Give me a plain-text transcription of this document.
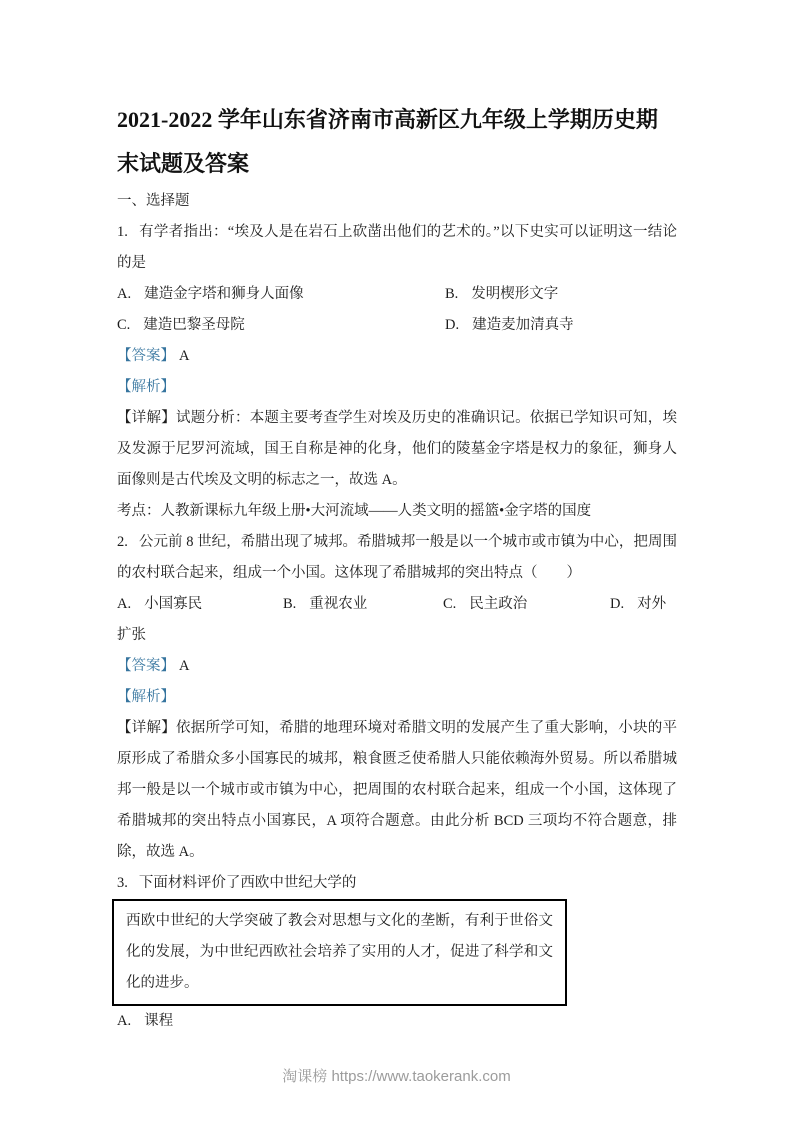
2021-2022 学年山东省济南市高新区九年级上学期历史期末试题及答案

一、选择题

1. 有学者指出：“埃及人是在岩石上砍凿出他们的艺术的。”以下史实可以证明这一结论的是

A. 建造金字塔和狮身人面像	B. 发明楔形文字

C. 建造巴黎圣母院	D. 建造麦加清真寺

【答案】 A

【解析】

【详解】试题分析：本题主要考查学生对埃及历史的准确识记。依据已学知识可知，埃及发源于尼罗河流域，国王自称是神的化身，他们的陵墓金字塔是权力的象征，狮身人面像则是古代埃及文明的标志之一，故选 A。

考点：人教新课标九年级上册•大河流域——人类文明的摇篮•金字塔的国度

2. 公元前 8 世纪，希腊出现了城邦。希腊城邦一般是以一个城市或市镇为中心，把周围的农村联合起来，组成一个小国。这体现了希腊城邦的突出特点（　　）

A. 小国寡民	B. 重视农业	C. 民主政治	D. 对外扩张

【答案】 A

【解析】

【详解】依据所学可知，希腊的地理环境对希腊文明的发展产生了重大影响，小块的平原形成了希腊众多小国寡民的城邦，粮食匮乏使希腊人只能依赖海外贸易。所以希腊城邦一般是以一个城市或市镇为中心，把周围的农村联合起来，组成一个小国，这体现了希腊城邦的突出特点小国寡民，A 项符合题意。由此分析 BCD 三项均不符合题意，排除，故选 A。

3. 下面材料评价了西欧中世纪大学的

西欧中世纪的大学突破了教会对思想与文化的垄断，有利于世俗文化的发展，为中世纪西欧社会培养了实用的人才，促进了科学和文化的进步。

A. 课程

淘课榜 https://www.taokerank.com
